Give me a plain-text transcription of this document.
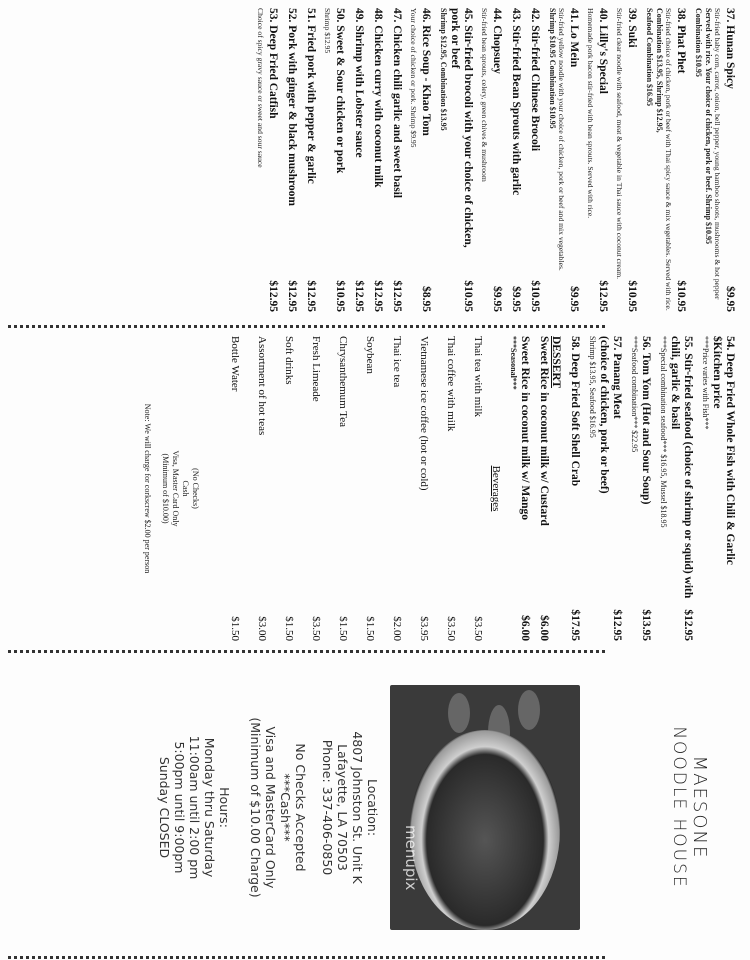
37. Hunan Spicy
$9.95
Stir-fried baby corn, carrot, onion, bell pepper, young bamboo shoots, mushrooms & hot pepper
Served with rice. Your choice of chicken, pork or beef. Shrimp $10.95
Combination $10.95
38. Phat Phet
$10.95
Stir-fried choice of chicken, pork or beef with Thai spicy sauce & mix vegetables. Served with rice.
Combination $13.95, Shrimp $12.95,
Seafood Combination $16.95
39. Suki
$10.95
Stir-fried clear noodle with seafood, meat & vegetable in Thai sauce with coconut cream.
40. Lilly's Special
$12.95
Homemade pork bacon stir-fried with bean sprouts. Served with rice.
41. Lo Mein
$9.95
Stir-fried yellow noodle with your choice of chicken, pork or beef and mix vegetables.
Shrimp $10.95 Combination $10.95
42. Stir-fried Chinese Brocoli
$10.95
43. Stir-fried Bean Sprouts with garlic
$9.95
44. Chopsuey
$9.95
Stir-fried bean sprouts, celery, green chives & mushroom
45. Stir-fried brocoli with your choice of chicken, pork or beef
$10.95
Shrimp $12.95, Combination $13.95
46. Rice Soup - Khao Tom
$8.95
Your choice of chicken or pork. Shrimp $9.95
47. Chicken chili garlic and sweet basil
$12.95
48. Chicken curry with coconut milk
$12.95
49. Shrimp with Lobster sauce
$12.95
50. Sweet & Sour chicken or pork
$10.95
Shrimp $12.95
51. Fried pork with pepper & garlic
$12.95
52. Pork with ginger & black mushroom
$12.95
53. Deep Fried Catfish
$12.95
Choice of spicy gravy sauce or sweet and sour sauce
54. Deep Fried Whole Fish with Chili & Garlic
$Kitchen price
***Price varies with Fish***
55. Stir-fried seafood (choice of shrimp or squid) with chili, garlic & basil
$12.95
***Special combination seafood*** $16.95, Mussel $18.95
56. Tom Yom (Hot and Sour Soup)
$13.95
***Seafood combination*** $22.95
57. Panang Meat
$12.95
(choice of chicken, pork or beef)
Shrimp $13.95, Seafood $16.95
58. Deep Fried Soft Shell Crab
$17.95
DESSERT
Sweet Rice in coconut milk w/ Custard
$6.00
Sweet Rice in coconut milk w/ Mango
$6.00
***Seasonal***
Beverages
Thai tea with milk
$3.50
Thai coffee with milk
$3.50
Vietnamese ice coffee (hot or cold)
$3.95
Thai ice tea
$2.00
Soybean
$1.50
Chrysanthemum Tea
$1.50
Fresh Limeade
$3.50
Soft drinks
$1.50
Assortment of hot teas
$3.00
Bottle Water
$1.50
(No Checks)
Cash
Visa, Master Card Only
(Minimum of $10.00)
Note: We will charge for corkscrew $2.00 per person
MAESONE
NOODLE HOUSE
menupix
Location:
4807 Johnston St. Unit K
Lafayette, LA 70503
Phone: 337-406-0850
No Checks Accepted
***Cash***
Visa and MasterCard Only
(Minimum of $10.00 Charge)
Hours:
Monday thru Saturday
11:00am until 2:00 pm
5:00pm until 9:00pm
Sunday CLOSED
